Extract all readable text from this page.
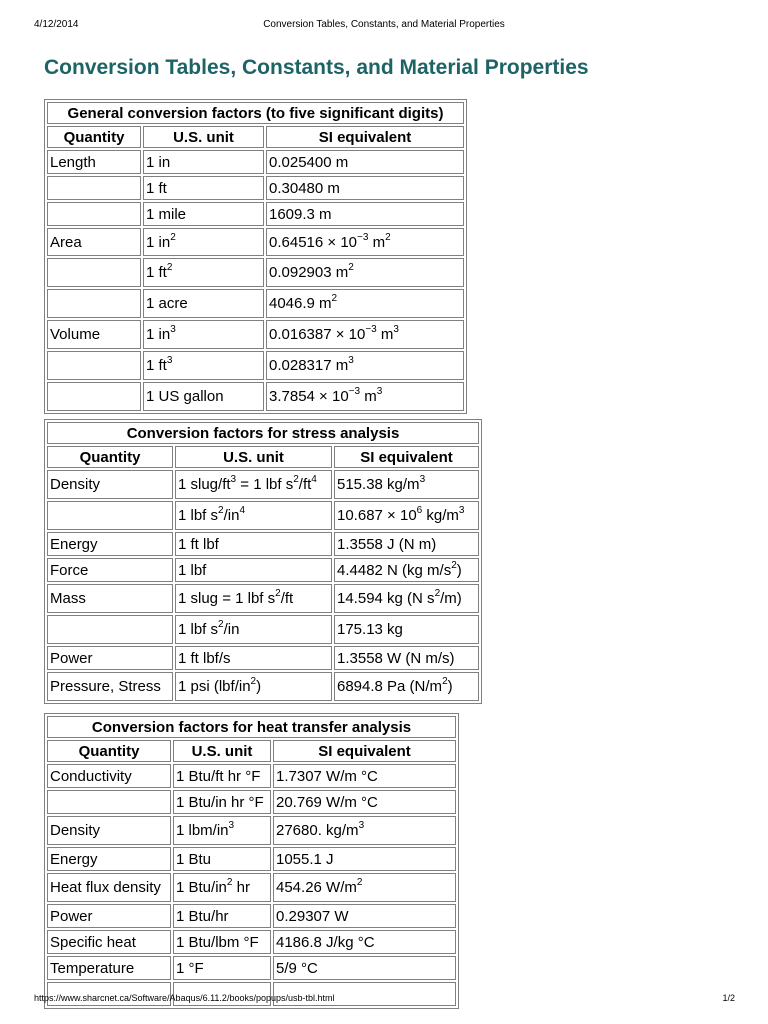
4/12/2014	Conversion Tables, Constants, and Material Properties
Conversion Tables, Constants, and Material Properties
General conversion factors (to five significant digits)		
Quantity	U.S. unit	SI equivalent
Length	1 in	0.025400 m
	1 ft	0.30480 m
	1 mile	1609.3 m
Area	1 $in^2$	$0.64516 \times 10^{-3}$ $m^2$
	1 $ft^2$	0.092903 $m^2$
	1 acre	4046.9 $m^2$
Volume	1 $in^3$	$0.016387 \times 10^{-3}$ $m^3$
	1 $ft^3$	0.028317 $m^3$
	1 US gallon	$3.7854 \times 10^{-3}$ $m^3$
Conversion factors for stress analysis		
Quantity	U.S. unit	SI equivalent
Density	1 slug/$ft^3 = 1$ lbf $s^2/ft^4$	515.38 $kg/m^3$
	1 lbf $s^2/in^4$	$10.687 \times 10^6$ $kg/m^3$
Energy	1 ft lbf	1.3558 J (N m)
Force	1 lbf	4.4482 N (kg $m/s^2$)
Mass	1 slug = 1 lbf $s^2/ft$	14.594 kg (N $s^2/m$)
	1 lbf $s^2/in$	175.13 kg
Power	1 ft lbf/s	1.3558 W (N m/s)
Pressure, Stress	1 psi $(lbf/in^2)$	6894.8 Pa $(N/m^2)$
Conversion factors for heat transfer analysis		
Quantity	U.S. unit	SI equivalent
Conductivity	1 Btu/ft hr °F	1.7307 W/m °C
	1 Btu/in hr °F	20.769 W/m °C
Density	1 lbm/$in^3$	27680. $kg/m^3$
Energy	1 Btu	1055.1 J
Heat flux density	1 Btu/$in^2$ hr	454.26 $W/m^2$
Power	1 Btu/hr	0.29307 W
Specific heat	1 Btu/lbm °F	4186.8 J/kg °C
Temperature	1 °F	5/9 °C

https://www.sharcnet.ca/Software/Abaqus/6.11.2/books/popups/usb-tbl.html	1/2
